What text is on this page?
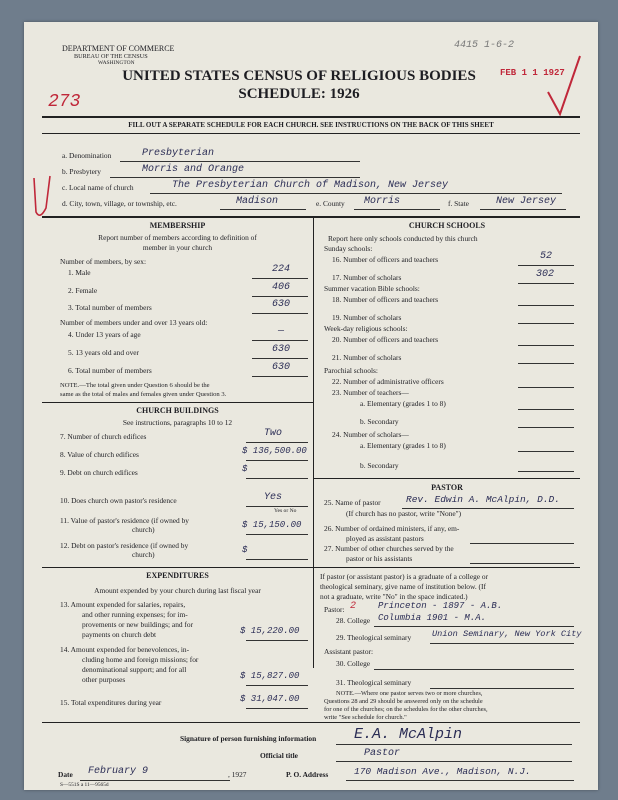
DEPARTMENT OF COMMERCE
BUREAU OF THE CENSUS
WASHINGTON
UNITED STATES CENSUS OF RELIGIOUS BODIES
SCHEDULE: 1926
273
FEB 1 1 1927
4415 1-6-2
FILL OUT A SEPARATE SCHEDULE FOR EACH CHURCH. SEE INSTRUCTIONS ON THE BACK OF THIS SHEET
a. Denomination	Presbyterian
b. Presbytery	Morris and Orange
c. Local name of church	The Presbyterian Church of Madison, New Jersey
d. City, town, village, or township, etc.	Madison	e. County Morris	f. State	New Jersey
MEMBERSHIP
Report number of members according to definition of
member in your church
Number of members, by sex:
1. Male	224
2. Female	406
3. Total number of members	630
Number of members under and over 13 years old:
4. Under 13 years of age	—
5. 13 years old and over	630
6. Total number of members	630
NOTE.—The total given under Question 6 should be the
same as the total of males and females given under Question 3.
CHURCH BUILDINGS
See instructions, paragraphs 10 to 12
7. Number of church edifices	Two
8. Value of church edifices	$ 136,500.00
9. Debt on church edifices	$
10. Does church own pastor's residence	Yes
Yes or No
11. Value of pastor's residence (if owned by
church)	$ 15,150.00
12. Debt on pastor's residence (if owned by
church)	$
EXPENDITURES
Amount expended by your church during last fiscal year
13. Amount expended for salaries, repairs,
and other running expenses; for im-
provements or new buildings; and for
payments on church debt	$ 15,220.00
14. Amount expended for benevolences, in-
cluding home and foreign missions; for
denominational support; and for all
other purposes	$ 15,827.00
15. Total expenditures during year	$ 31,047.00
CHURCH SCHOOLS
Report here only schools conducted by this church
Sunday schools:
16. Number of officers and teachers	52
17. Number of scholars	302
Summer vacation Bible schools:
18. Number of officers and teachers
19. Number of scholars
Week-day religious schools:
20. Number of officers and teachers
21. Number of scholars
Parochial schools:
22. Number of administrative officers
23. Number of teachers—
a. Elementary (grades 1 to 8)
b. Secondary
24. Number of scholars—
a. Elementary (grades 1 to 8)
b. Secondary
PASTOR
25. Name of pastor	Rev. Edwin A. McAlpin, D.D.
(If church has no pastor, write "None")
26. Number of ordained ministers, if any, em-
ployed as assistant pastors
27. Number of other churches served by the
pastor or his assistants
If pastor (or assistant pastor) is a graduate of a college or
theological seminary, give name of institution below. (If
not a graduate, write "No" in the space indicated.)
Pastor: 2 Princeton - 1897 - A.B.
28. College Columbia 1901 - M.A.
29. Theological seminary Union Seminary, New York City
Assistant pastor:
30. College
31. Theological seminary
NOTE.—Where one pastor serves two or more churches,
Questions 28 and 29 should be answered only on the schedule
for one of the churches; on the schedules for the other churches,
write "See schedule for church."
Signature of person furnishing information	E.A. McAlpin
Official title	Pastor
Date February 9	, 1927	P. O. Address	170 Madison Ave., Madison, N.J.
S—551S a 11—9565d
